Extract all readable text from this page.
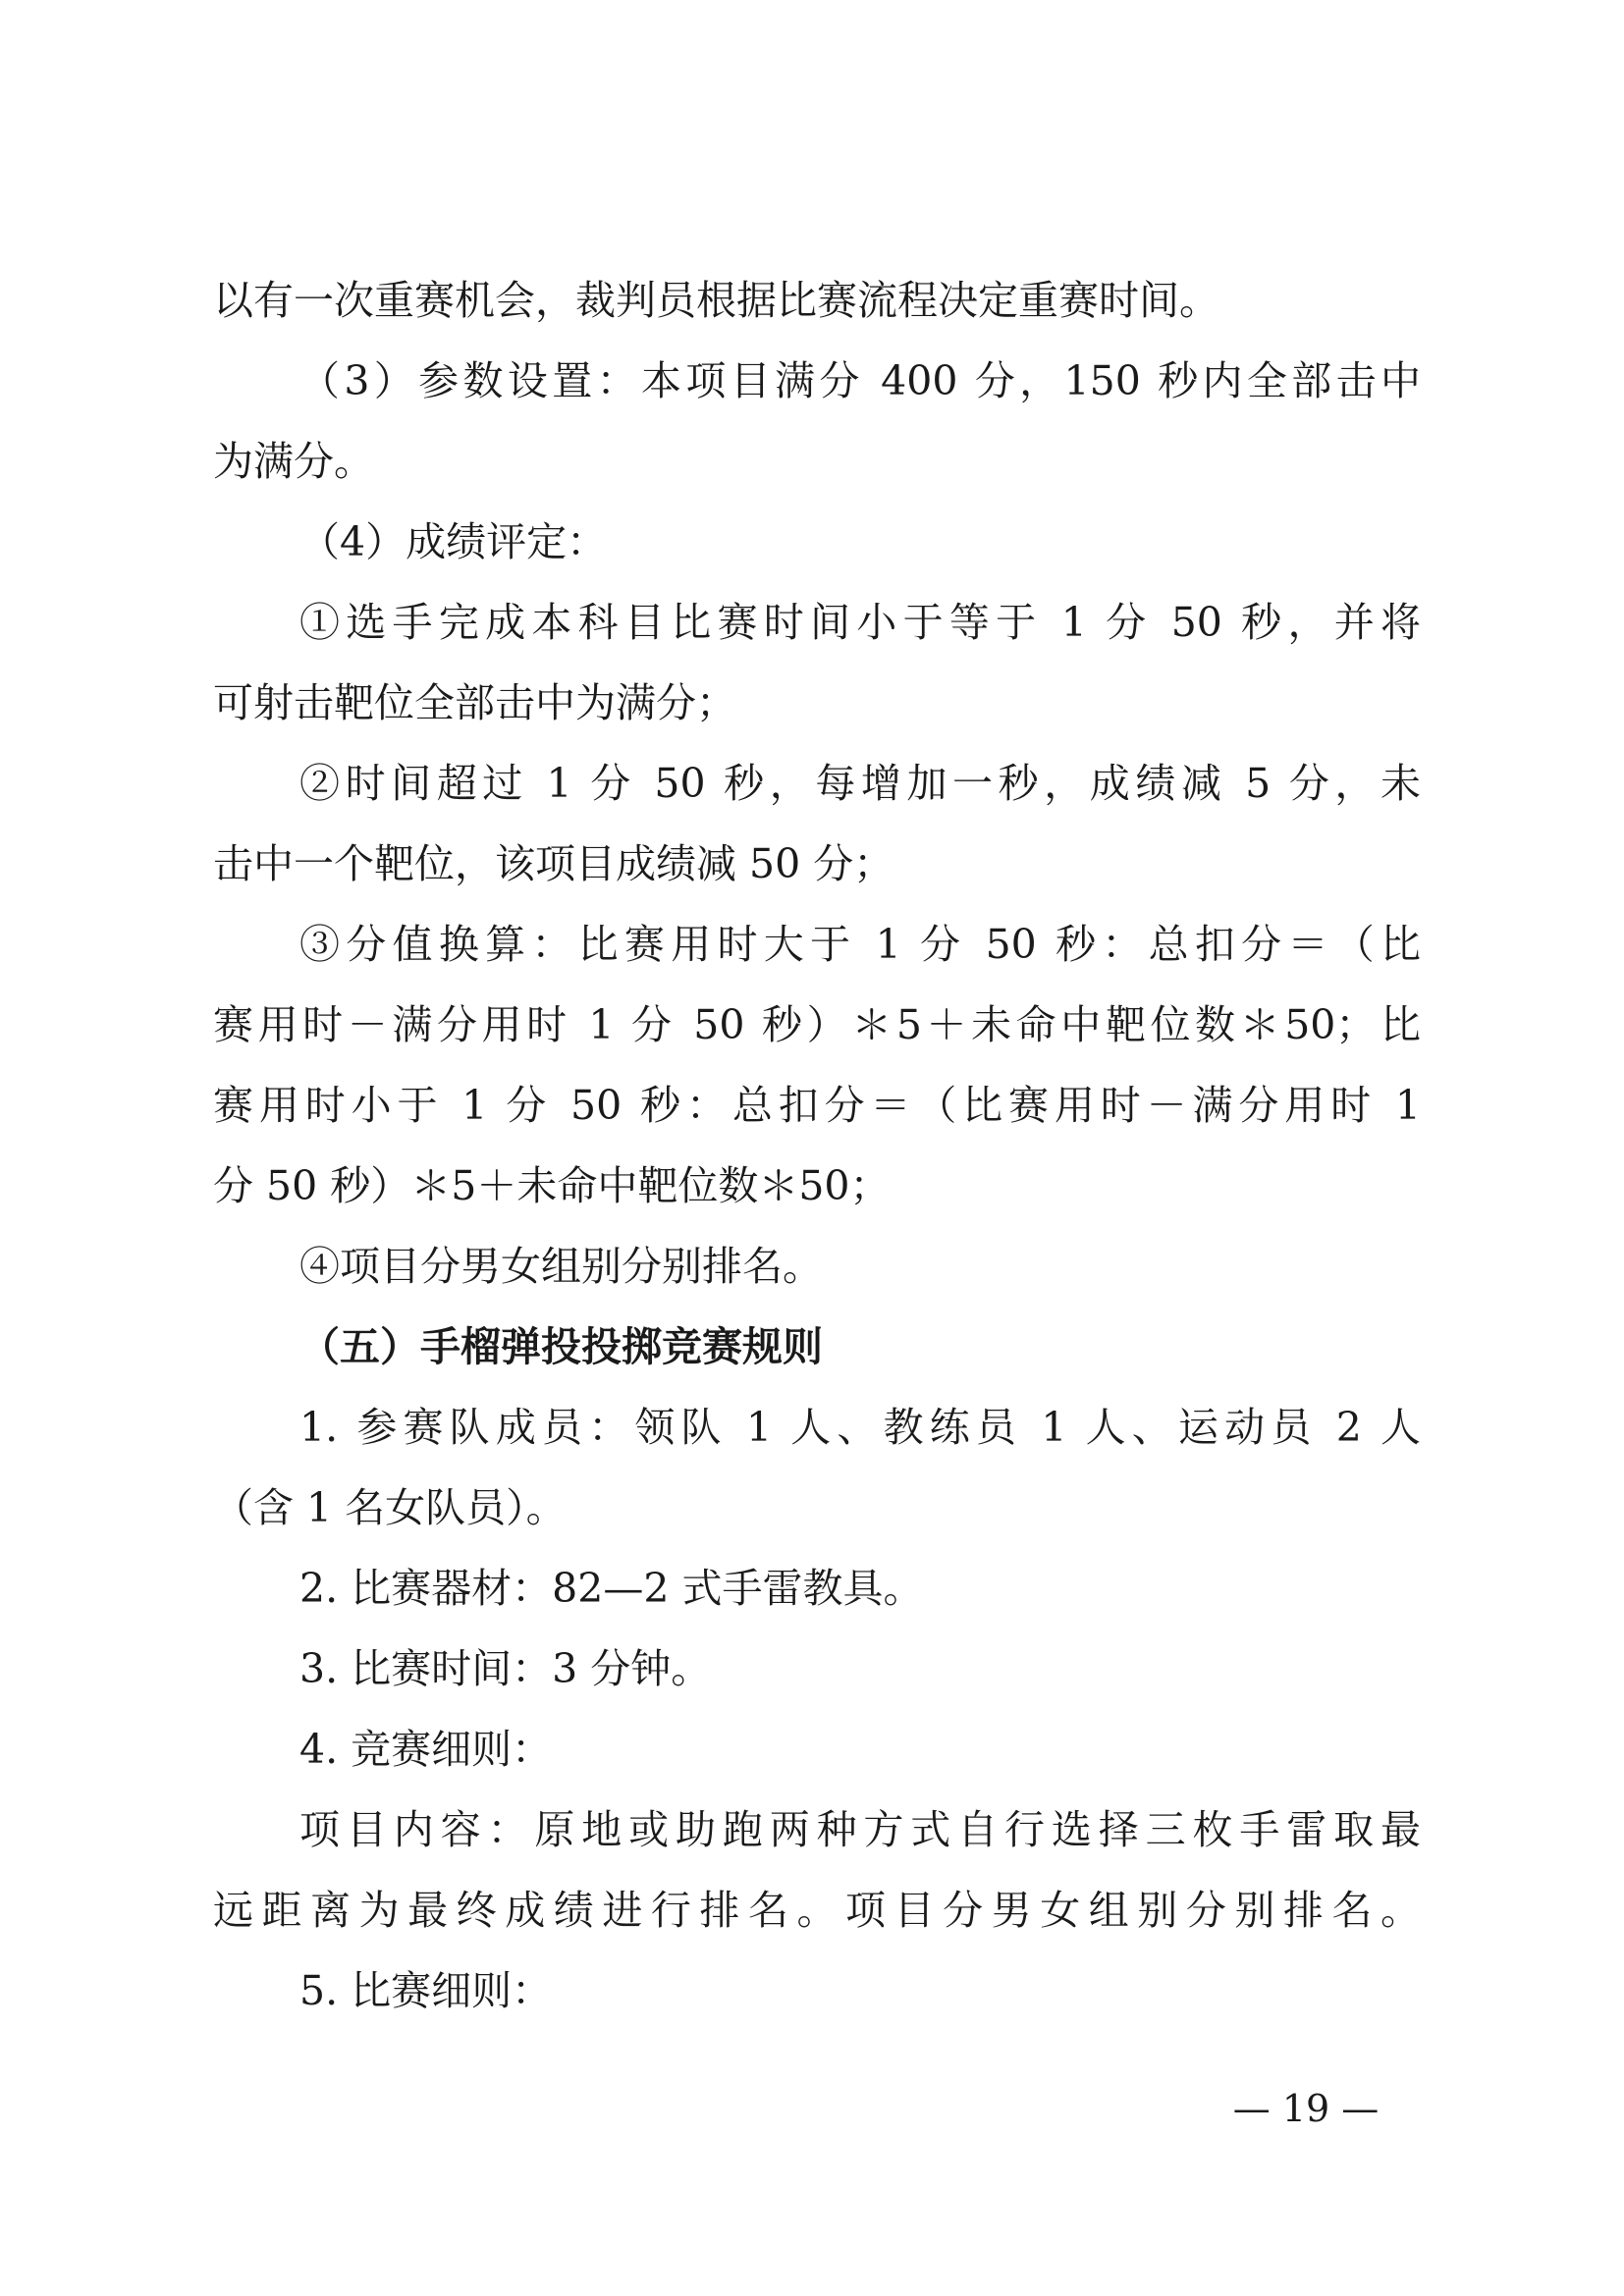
以有一次重赛机会，裁判员根据比赛流程决定重赛时间。
（3）参数设置：本项目满分 400 分，150 秒内全部击中
为满分。
（4）成绩评定：
①选手完成本科目比赛时间小于等于 1 分 50 秒，并将
可射击靶位全部击中为满分；
②时间超过 1 分 50 秒，每增加一秒，成绩减 5 分，未
击中一个靶位，该项目成绩减 50 分；
③分值换算：比赛用时大于 1 分 50 秒：总扣分＝（比
赛用时－满分用时 1 分 50 秒）＊5＋未命中靶位数＊50；比
赛用时小于 1 分 50 秒：总扣分＝（比赛用时－满分用时 1
分 50 秒）＊5＋未命中靶位数＊50；
④项目分男女组别分别排名。
（五）手榴弹投投掷竞赛规则
1. 参赛队成员：领队 1 人、教练员 1 人、运动员 2 人
（含 1 名女队员）。
2. 比赛器材：82—2 式手雷教具。
3. 比赛时间：3 分钟。
4. 竞赛细则：
项目内容：原地或助跑两种方式自行选择三枚手雷取最
远距离为最终成绩进行排名。项目分男女组别分别排名。
5. 比赛细则：
— 19 —
